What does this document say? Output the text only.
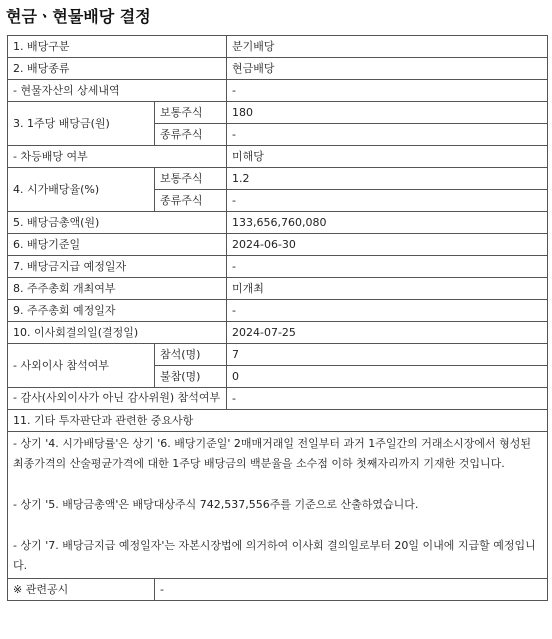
현금ㆍ현물배당 결정
1. 배당구분		분기배당
2. 배당종류		현금배당
- 현물자산의 상세내역		-
3. 1주당 배당금(원)	보통주식	180
	종류주식	-
- 차등배당 여부		미해당
4. 시가배당율(%)	보통주식	1.2
	종류주식	-
5. 배당금총액(원)		133,656,760,080
6. 배당기준일		2024-06-30
7. 배당금지급 예정일자		-
8. 주주총회 개최여부		미개최
9. 주주총회 예정일자		-
10. 이사회결의일(결정일)		2024-07-25
- 사외이사 참석여부	참석(명)	7
	불참(명)	0
- 감사(사외이사가 아닌 감사위원) 참석여부		-
11. 기타 투자판단과 관련한 중요사항		

- 상기 '4. 시가배당률'은 상기 '6. 배당기준일' 2매매거래일 전일부터 과거 1주일간의 거래소시장에서 형성된 최종가격의 산술평균가격에 대한 1주당 배당금의 백분율을 소수점 이하 첫째자리까지 기재한 것입니다.

- 상기 '5. 배당금총액'은 배당대상주식 742,537,556주를 기준으로 산출하였습니다.

- 상기 '7. 배당금지급 예정일자'는 자본시장법에 의거하여 이사회 결의일로부터 20일 이내에 지급할 예정입니다.		

※ 관련공시	-	
